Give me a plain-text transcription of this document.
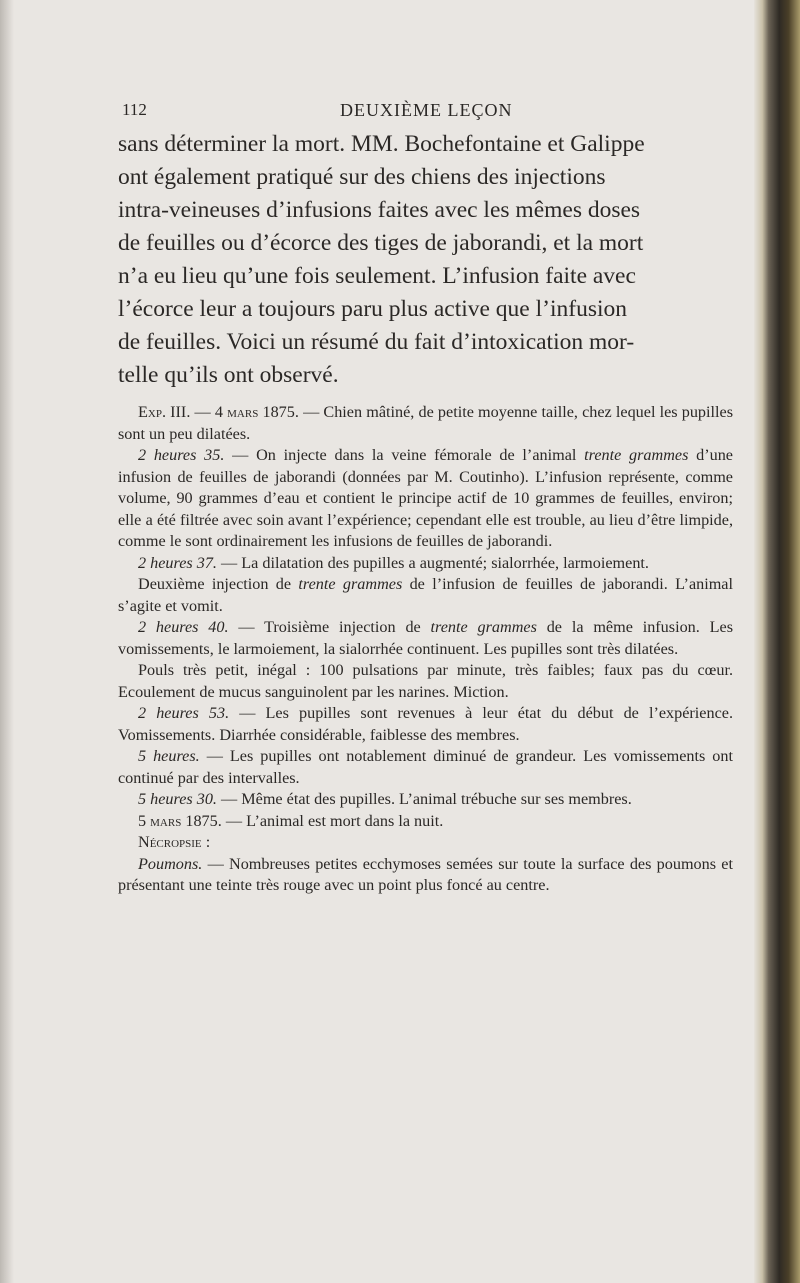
112	DEUXIÈME LEÇON
sans déterminer la mort. MM. Bochefontaine et Galippe
ont également pratiqué sur des chiens des injections
intra-veineuses d’infusions faites avec les mêmes doses
de feuilles ou d’écorce des tiges de jaborandi, et la mort
n’a eu lieu qu’une fois seulement. L’infusion faite avec
l’écorce leur a toujours paru plus active que l’infusion
de feuilles. Voici un résumé du fait d’intoxication mor-
telle qu’ils ont observé.

Exp. III. — 4 mars 1875. — Chien mâtiné, de petite moyenne taille, chez lequel les pupilles sont un peu dilatées.

2 heures 35. — On injecte dans la veine fémorale de l’animal trente grammes d’une infusion de feuilles de jaborandi (données par M. Coutinho). L’infusion représente, comme volume, 90 grammes d’eau et contient le principe actif de 10 grammes de feuilles, environ; elle a été filtrée avec soin avant l’expérience; cependant elle est trouble, au lieu d’être limpide, comme le sont ordinairement les infusions de feuilles de jaborandi.

2 heures 37. — La dilatation des pupilles a augmenté; sialorrhée, larmoiement.

Deuxième injection de trente grammes de l’infusion de feuilles de jaborandi. L’animal s’agite et vomit.

2 heures 40. — Troisième injection de trente grammes de la même infusion. Les vomissements, le larmoiement, la sialorrhée continuent. Les pupilles sont très dilatées.

Pouls très petit, inégal : 100 pulsations par minute, très faibles; faux pas du cœur. Ecoulement de mucus sanguinolent par les narines. Miction.

2 heures 53. — Les pupilles sont revenues à leur état du début de l’expérience. Vomissements. Diarrhée considérable, faiblesse des membres.

5 heures. — Les pupilles ont notablement diminué de grandeur. Les vomissements ont continué par des intervalles.

5 heures 30. — Même état des pupilles. L’animal trébuche sur ses membres.

5 mars 1875. — L’animal est mort dans la nuit.

Nécropsie :

Poumons. — Nombreuses petites ecchymoses semées sur toute la surface des poumons et présentant une teinte très rouge avec un point plus foncé au centre.
